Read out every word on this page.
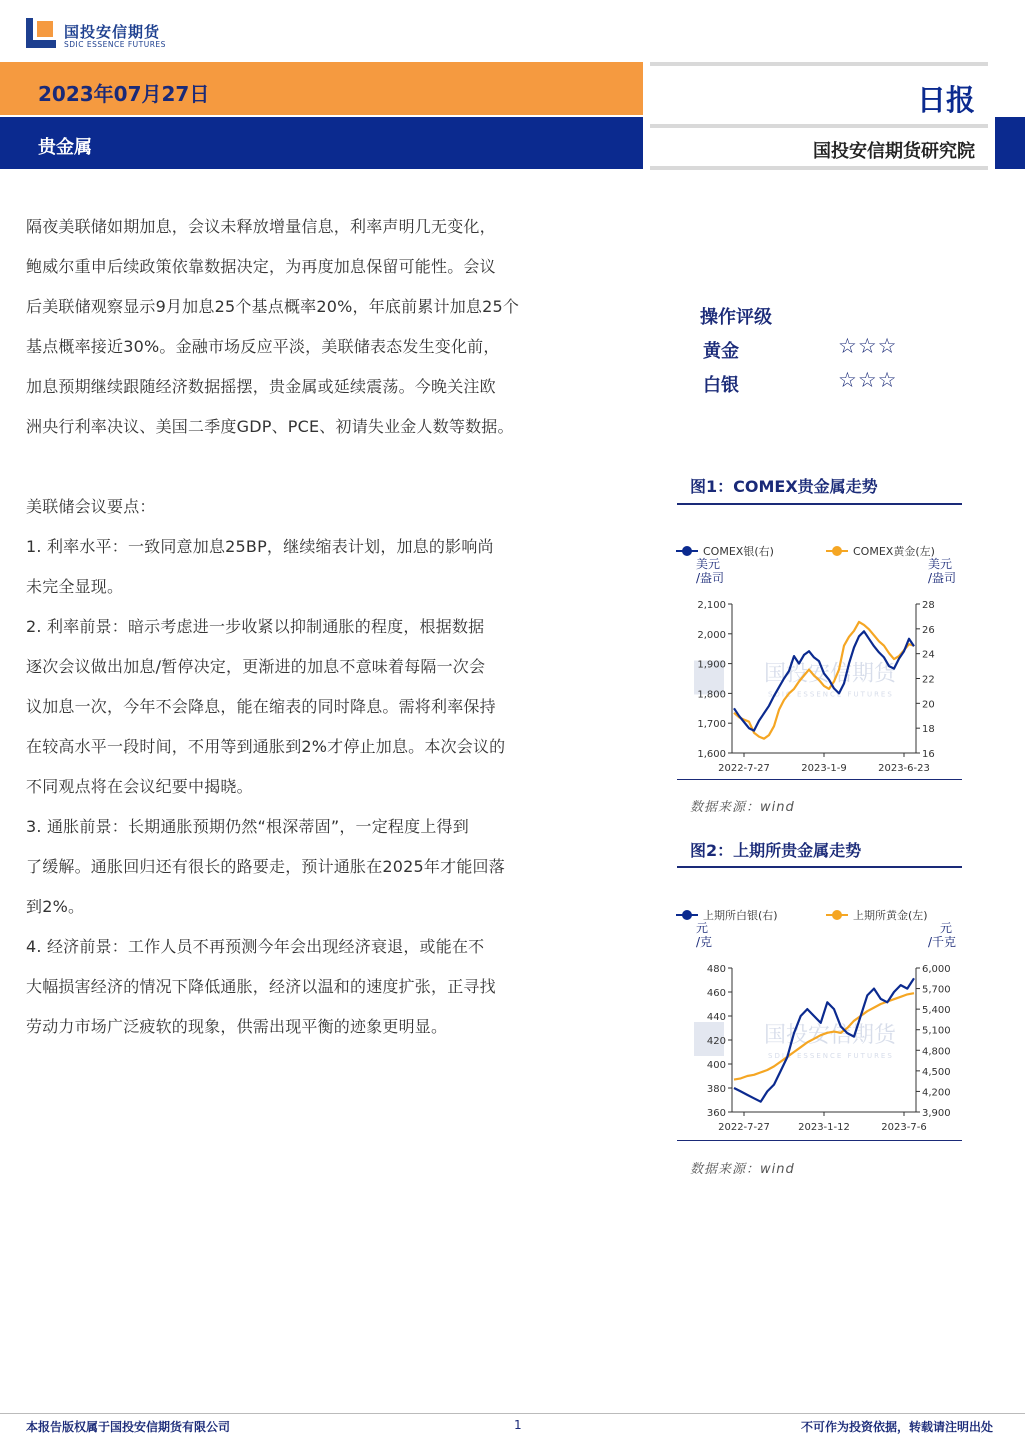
国投安信期货
SDIC ESSENCE FUTURES
2023年07月27日
贵金属
日报
国投安信期货研究院

隔夜美联储如期加息，会议未释放增量信息，利率声明几无变化，

鲍威尔重申后续政策依靠数据决定，为再度加息保留可能性。会议

后美联储观察显示9月加息25个基点概率20%，年底前累计加息25个

基点概率接近30%。金融市场反应平淡，美联储表态发生变化前，

加息预期继续跟随经济数据摇摆，贵金属或延续震荡。今晚关注欧

洲央行利率决议、美国二季度GDP、PCE、初请失业金人数等数据。

美联储会议要点：

1. 利率水平：一致同意加息25BP，继续缩表计划，加息的影响尚

未完全显现。

2. 利率前景：暗示考虑进一步收紧以抑制通胀的程度，根据数据

逐次会议做出加息/暂停决定，更渐进的加息不意味着每隔一次会

议加息一次，今年不会降息，能在缩表的同时降息。需将利率保持

在较高水平一段时间，不用等到通胀到2%才停止加息。本次会议的

不同观点将在会议纪要中揭晓。

3. 通胀前景：长期通胀预期仍然“根深蒂固”，一定程度上得到

了缓解。通胀回归还有很长的路要走，预计通胀在2025年才能回落

到2%。

4. 经济前景：工作人员不再预测今年会出现经济衰退，或能在不

大幅损害经济的情况下降低通胀，经济以温和的速度扩张，正寻找

劳动力市场广泛疲软的现象，供需出现平衡的迹象更明显。

操作评级
黄金	☆☆☆
白银	☆☆☆
图1：COMEX贵金属走势
国投安信期货
SDIC ESSENCE FUTURES
COMEX银(右)	COMEX黄金(左)
美元
/盎司
美元
/盎司
1,600
1,700
1,800
1,900
2,000
2,100
16
18
20
22
24
26
28
2022-7-27	2023-1-9	2023-6-23
数据来源：wind
图2：上期所贵金属走势
国投安信期货
SDIC ESSENCE FUTURES
上期所白银(右)	上期所黄金(左)
元
/克
元
/千克
360
380
400
420
440
460
480
3,900
4,200
4,500
4,800
5,100
5,400
5,700
6,000
2022-7-27	2023-1-12	2023-7-6
数据来源：wind
本报告版权属于国投安信期货有限公司	1	不可作为投资依据，转载请注明出处
